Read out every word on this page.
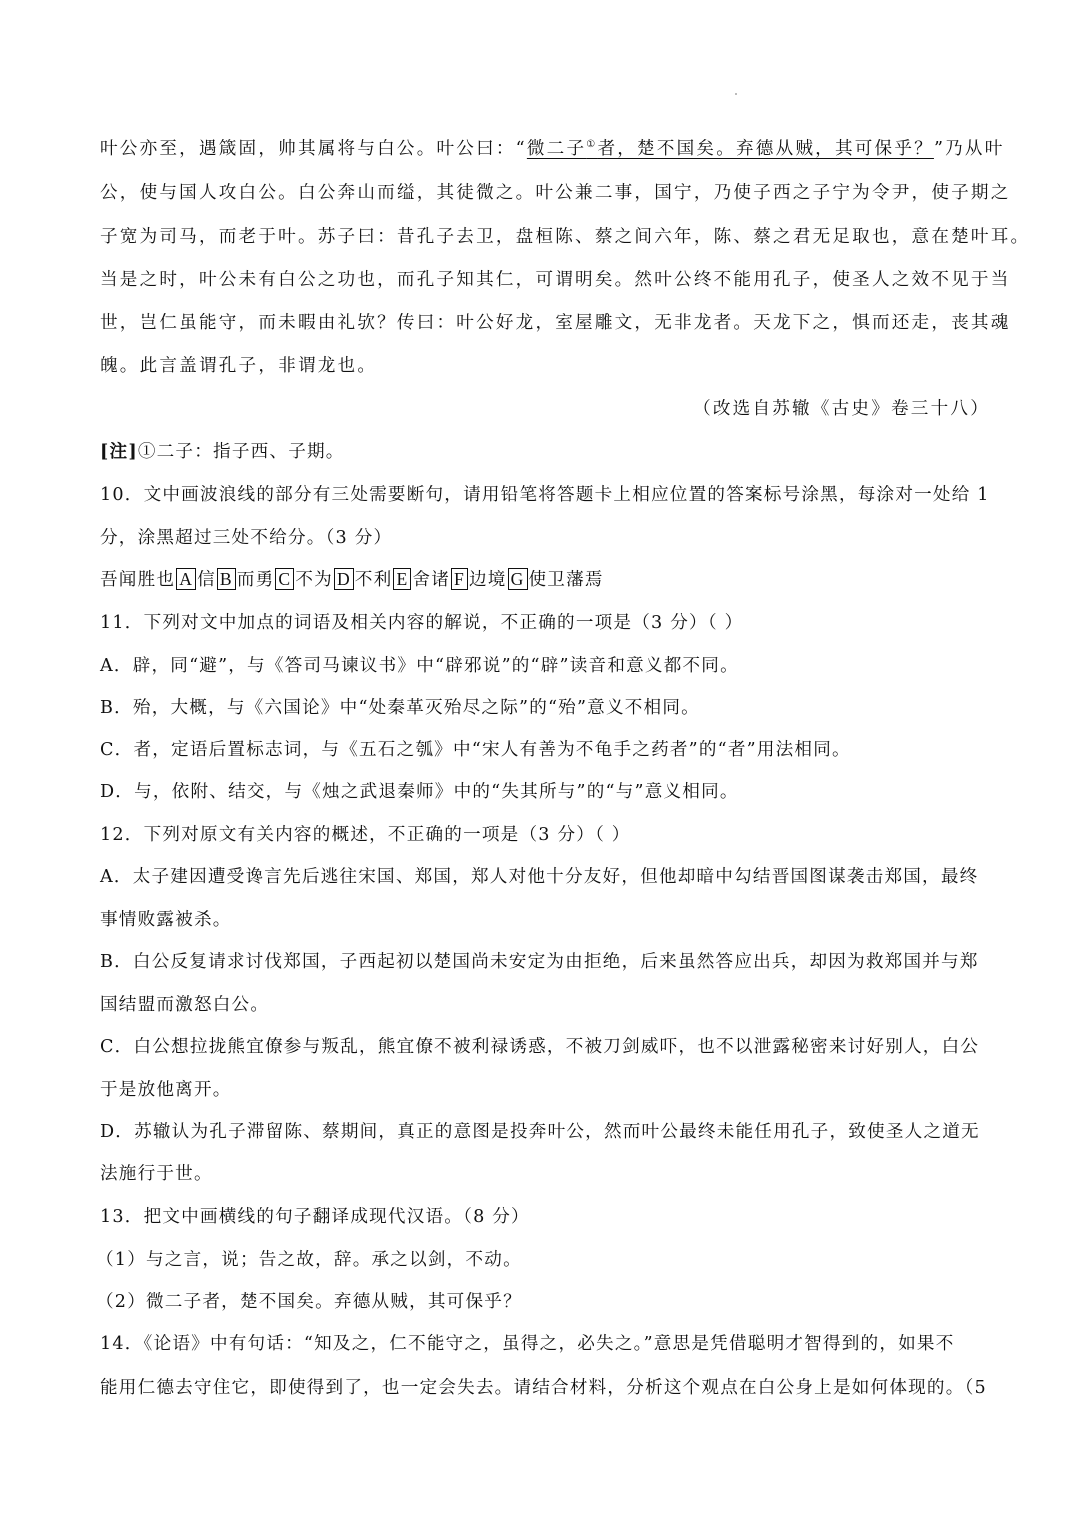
叶公亦至，遇箴固，帅其属将与白公。叶公曰：“微二子①者，楚不国矣。弃德从贼，其可保乎？”乃从叶
公，使与国人攻白公。白公奔山而缢，其徒微之。叶公兼二事，国宁，乃使子西之子宁为令尹，使子期之
子宽为司马，而老于叶。苏子曰：昔孔子去卫，盘桓陈、蔡之间六年，陈、蔡之君无足取也，意在楚叶耳。
当是之时，叶公未有白公之功也，而孔子知其仁，可谓明矣。然叶公终不能用孔子，使圣人之效不见于当
世，岂仁虽能守，而未暇由礼欤？传曰：叶公好龙，室屋雕文，无非龙者。天龙下之，惧而还走，丧其魂
魄。此言盖谓孔子，非谓龙也。
（改选自苏辙《古史》卷三十八）
[注]①二子：指子西、子期。
10．文中画波浪线的部分有三处需要断句，请用铅笔将答题卡上相应位置的答案标号涂黑，每涂对一处给 1
分，涂黑超过三处不给分。（3 分）
吾闻胜也 A 信 B 而勇 C 不为 D 不利 E 舍诸 F 边境 G 使卫藩焉
11．下列对文中加点的词语及相关内容的解说，不正确的一项是（3 分）（ ）
A．辟，同“避”，与《答司马谏议书》中“辟邪说”的“辟”读音和意义都不同。
B．殆，大概，与《六国论》中“处秦革灭殆尽之际”的“殆”意义不相同。
C．者，定语后置标志词，与《五石之瓠》中“宋人有善为不龟手之药者”的“者”用法相同。
D．与，依附、结交，与《烛之武退秦师》中的“失其所与”的“与”意义相同。
12．下列对原文有关内容的概述，不正确的一项是（3 分）（ ）
A．太子建因遭受谗言先后逃往宋国、郑国，郑人对他十分友好，但他却暗中勾结晋国图谋袭击郑国，最终
事情败露被杀。
B．白公反复请求讨伐郑国，子西起初以楚国尚未安定为由拒绝，后来虽然答应出兵，却因为救郑国并与郑
国结盟而激怒白公。
C．白公想拉拢熊宜僚参与叛乱，熊宜僚不被利禄诱惑，不被刀剑威吓，也不以泄露秘密来讨好别人，白公
于是放他离开。
D．苏辙认为孔子滞留陈、蔡期间，真正的意图是投奔叶公，然而叶公最终未能任用孔子，致使圣人之道无
法施行于世。
13．把文中画横线的句子翻译成现代汉语。（8 分）
（1）与之言，说；告之故，辞。承之以剑，不动。
（2）微二子者，楚不国矣。弃德从贼，其可保乎？
14．《论语》中有句话：“知及之，仁不能守之，虽得之，必失之。”意思是凭借聪明才智得到的，如果不
能用仁德去守住它，即使得到了，也一定会失去。请结合材料，分析这个观点在白公身上是如何体现的。（5
